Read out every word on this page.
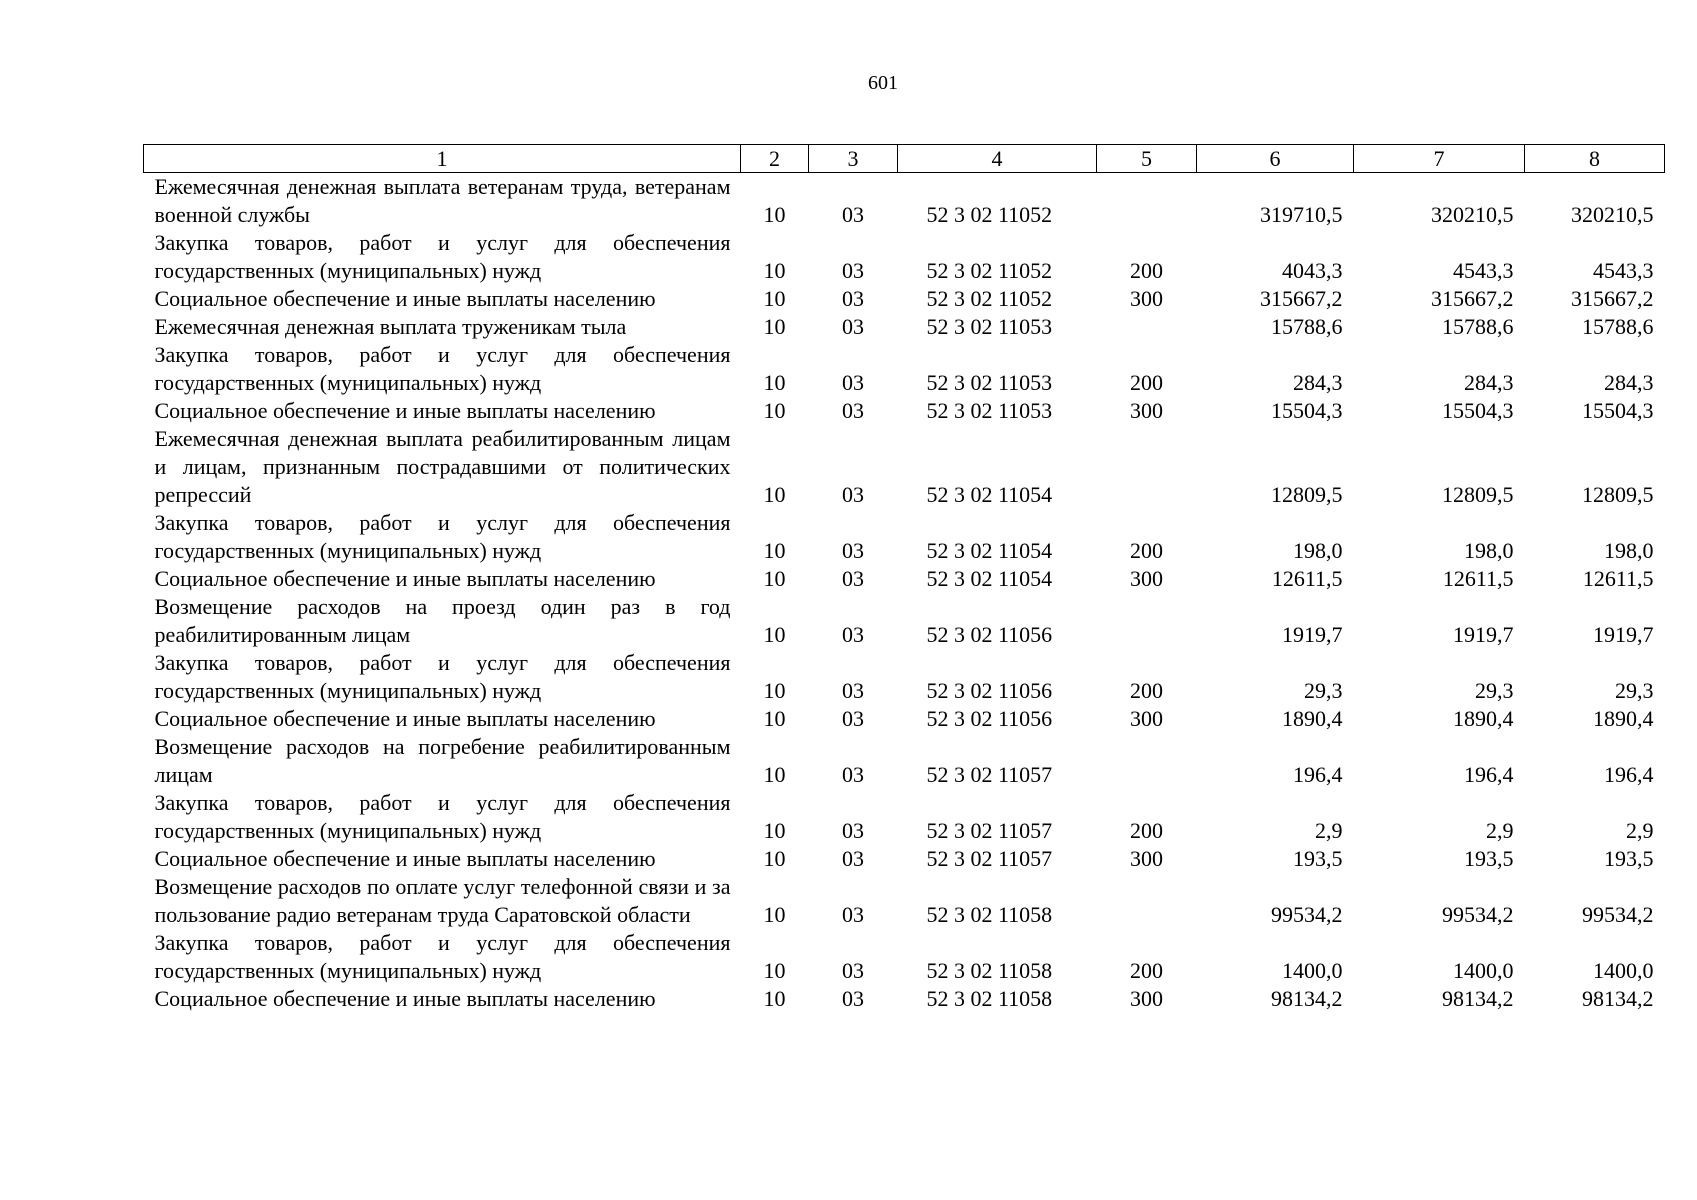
601
1	2	3	4	5	6	7	8
Ежемесячная денежная выплата ветеранам труда, ветеранам военной службы	10	03	52 3 02 11052		319710,5	320210,5	320210,5
Закупка товаров, работ и услуг для обеспечения государственных (муниципальных) нужд	10	03	52 3 02 11052	200	4043,3	4543,3	4543,3
Социальное обеспечение и иные выплаты населению	10	03	52 3 02 11052	300	315667,2	315667,2	315667,2
Ежемесячная денежная выплата труженикам тыла	10	03	52 3 02 11053		15788,6	15788,6	15788,6
Закупка товаров, работ и услуг для обеспечения государственных (муниципальных) нужд	10	03	52 3 02 11053	200	284,3	284,3	284,3
Социальное обеспечение и иные выплаты населению	10	03	52 3 02 11053	300	15504,3	15504,3	15504,3
Ежемесячная денежная выплата реабилитированным лицам и лицам, признанным пострадавшими от политических репрессий	10	03	52 3 02 11054		12809,5	12809,5	12809,5
Закупка товаров, работ и услуг для обеспечения государственных (муниципальных) нужд	10	03	52 3 02 11054	200	198,0	198,0	198,0
Социальное обеспечение и иные выплаты населению	10	03	52 3 02 11054	300	12611,5	12611,5	12611,5
Возмещение расходов на проезд один раз в год реабилитированным лицам	10	03	52 3 02 11056		1919,7	1919,7	1919,7
Закупка товаров, работ и услуг для обеспечения государственных (муниципальных) нужд	10	03	52 3 02 11056	200	29,3	29,3	29,3
Социальное обеспечение и иные выплаты населению	10	03	52 3 02 11056	300	1890,4	1890,4	1890,4
Возмещение расходов на погребение реабилитированным лицам	10	03	52 3 02 11057		196,4	196,4	196,4
Закупка товаров, работ и услуг для обеспечения государственных (муниципальных) нужд	10	03	52 3 02 11057	200	2,9	2,9	2,9
Социальное обеспечение и иные выплаты населению	10	03	52 3 02 11057	300	193,5	193,5	193,5
Возмещение расходов по оплате услуг телефонной связи и за пользование радио ветеранам труда Саратовской области	10	03	52 3 02 11058		99534,2	99534,2	99534,2
Закупка товаров, работ и услуг для обеспечения государственных (муниципальных) нужд	10	03	52 3 02 11058	200	1400,0	1400,0	1400,0
Социальное обеспечение и иные выплаты населению	10	03	52 3 02 11058	300	98134,2	98134,2	98134,2
